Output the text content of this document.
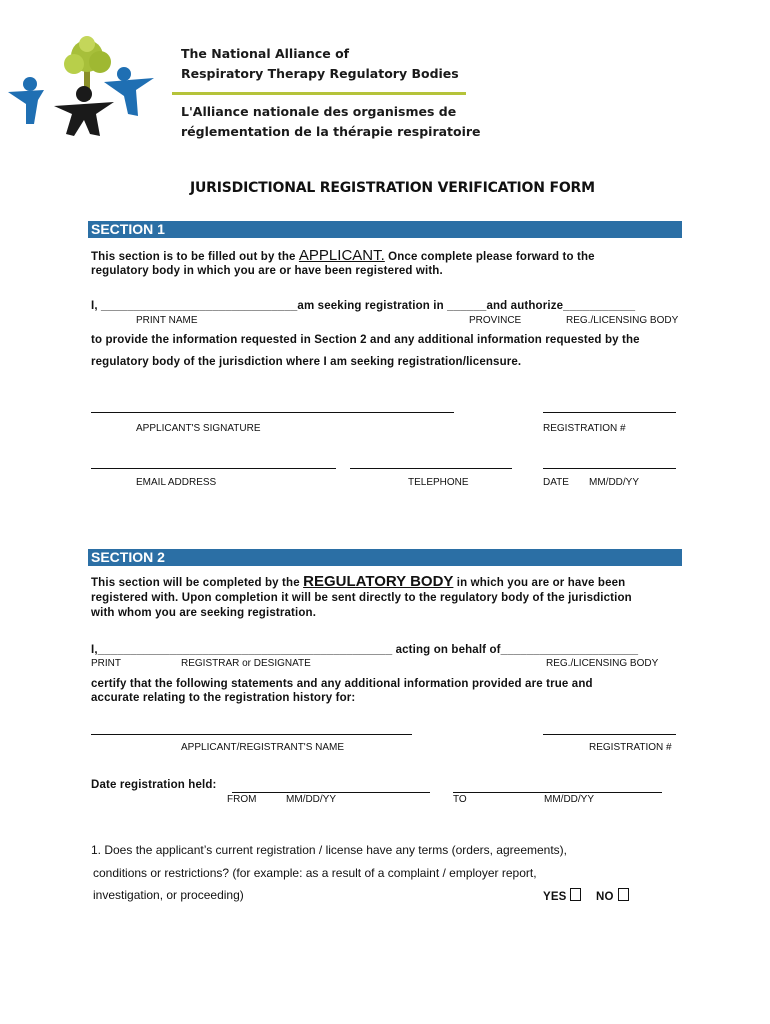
The National Alliance of
Respiratory Therapy Regulatory Bodies
L'Alliance nationale des organismes de
réglementation de la thérapie respiratoire
JURISDICTIONAL REGISTRATION VERIFICATION FORM
SECTION 1
This section is to be filled out by the APPLICANT. Once complete please forward to the
regulatory body in which you are or have been registered with.
I, ______________________________am seeking registration in ______and authorize___________
PRINT NAME	PROVINCE	REG./LICENSING BODY
to provide the information requested in Section 2 and any additional information requested by the
regulatory body of the jurisdiction where I am seeking registration/licensure.
APPLICANT'S SIGNATURE	REGISTRATION #
EMAIL ADDRESS	TELEPHONE	DATE MM/DD/YY
SECTION 2
This section will be completed by the REGULATORY BODY in which you are or have been
registered with. Upon completion it will be sent directly to the regulatory body of the jurisdiction
with whom you are seeking registration.
I,_____________________________________________ acting on behalf of_____________________
PRINT	REGISTRAR or DESIGNATE	REG./LICENSING BODY
certify that the following statements and any additional information provided are true and
accurate relating to the registration history for:
APPLICANT/REGISTRANT'S NAME	REGISTRATION #
Date registration held:
FROM	MM/DD/YY	TO	MM/DD/YY
1. Does the applicant’s current registration / license have any terms (orders, agreements),
conditions or restrictions? (for example: as a result of a complaint / employer report,
investigation, or proceeding)	YES	NO
